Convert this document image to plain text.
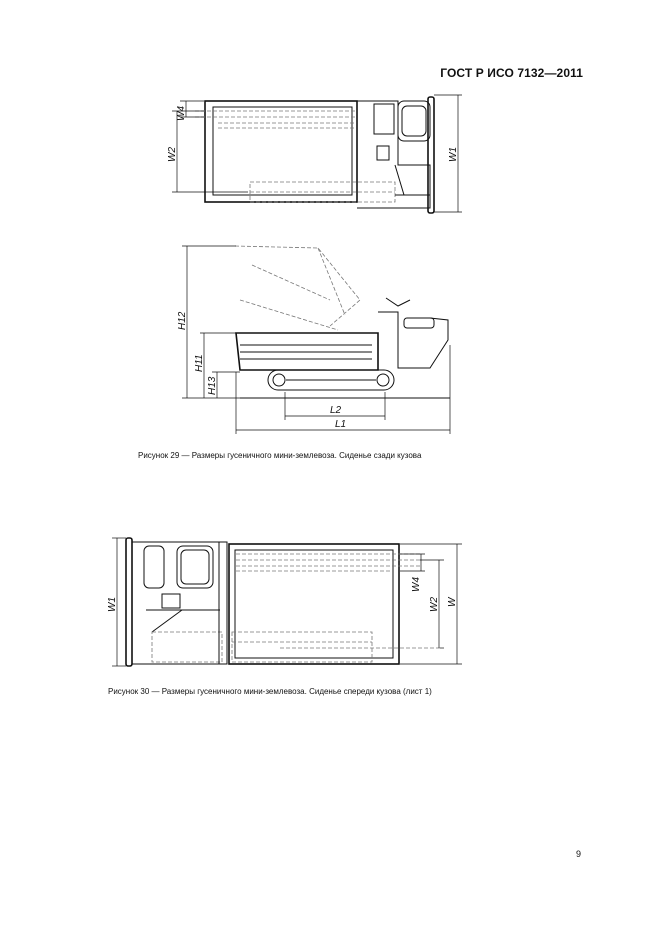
ГОСТ Р ИСО 7132—2011
W4
W2	W1
H12
H11
H13
L2
L1
Рисунок 29 — Размеры гусеничного мини-землевоза. Сиденье сзади кузова
W1
W4
W2 W
Рисунок 30 — Размеры гусеничного мини-землевоза. Сиденье спереди кузова (лист 1)
9
